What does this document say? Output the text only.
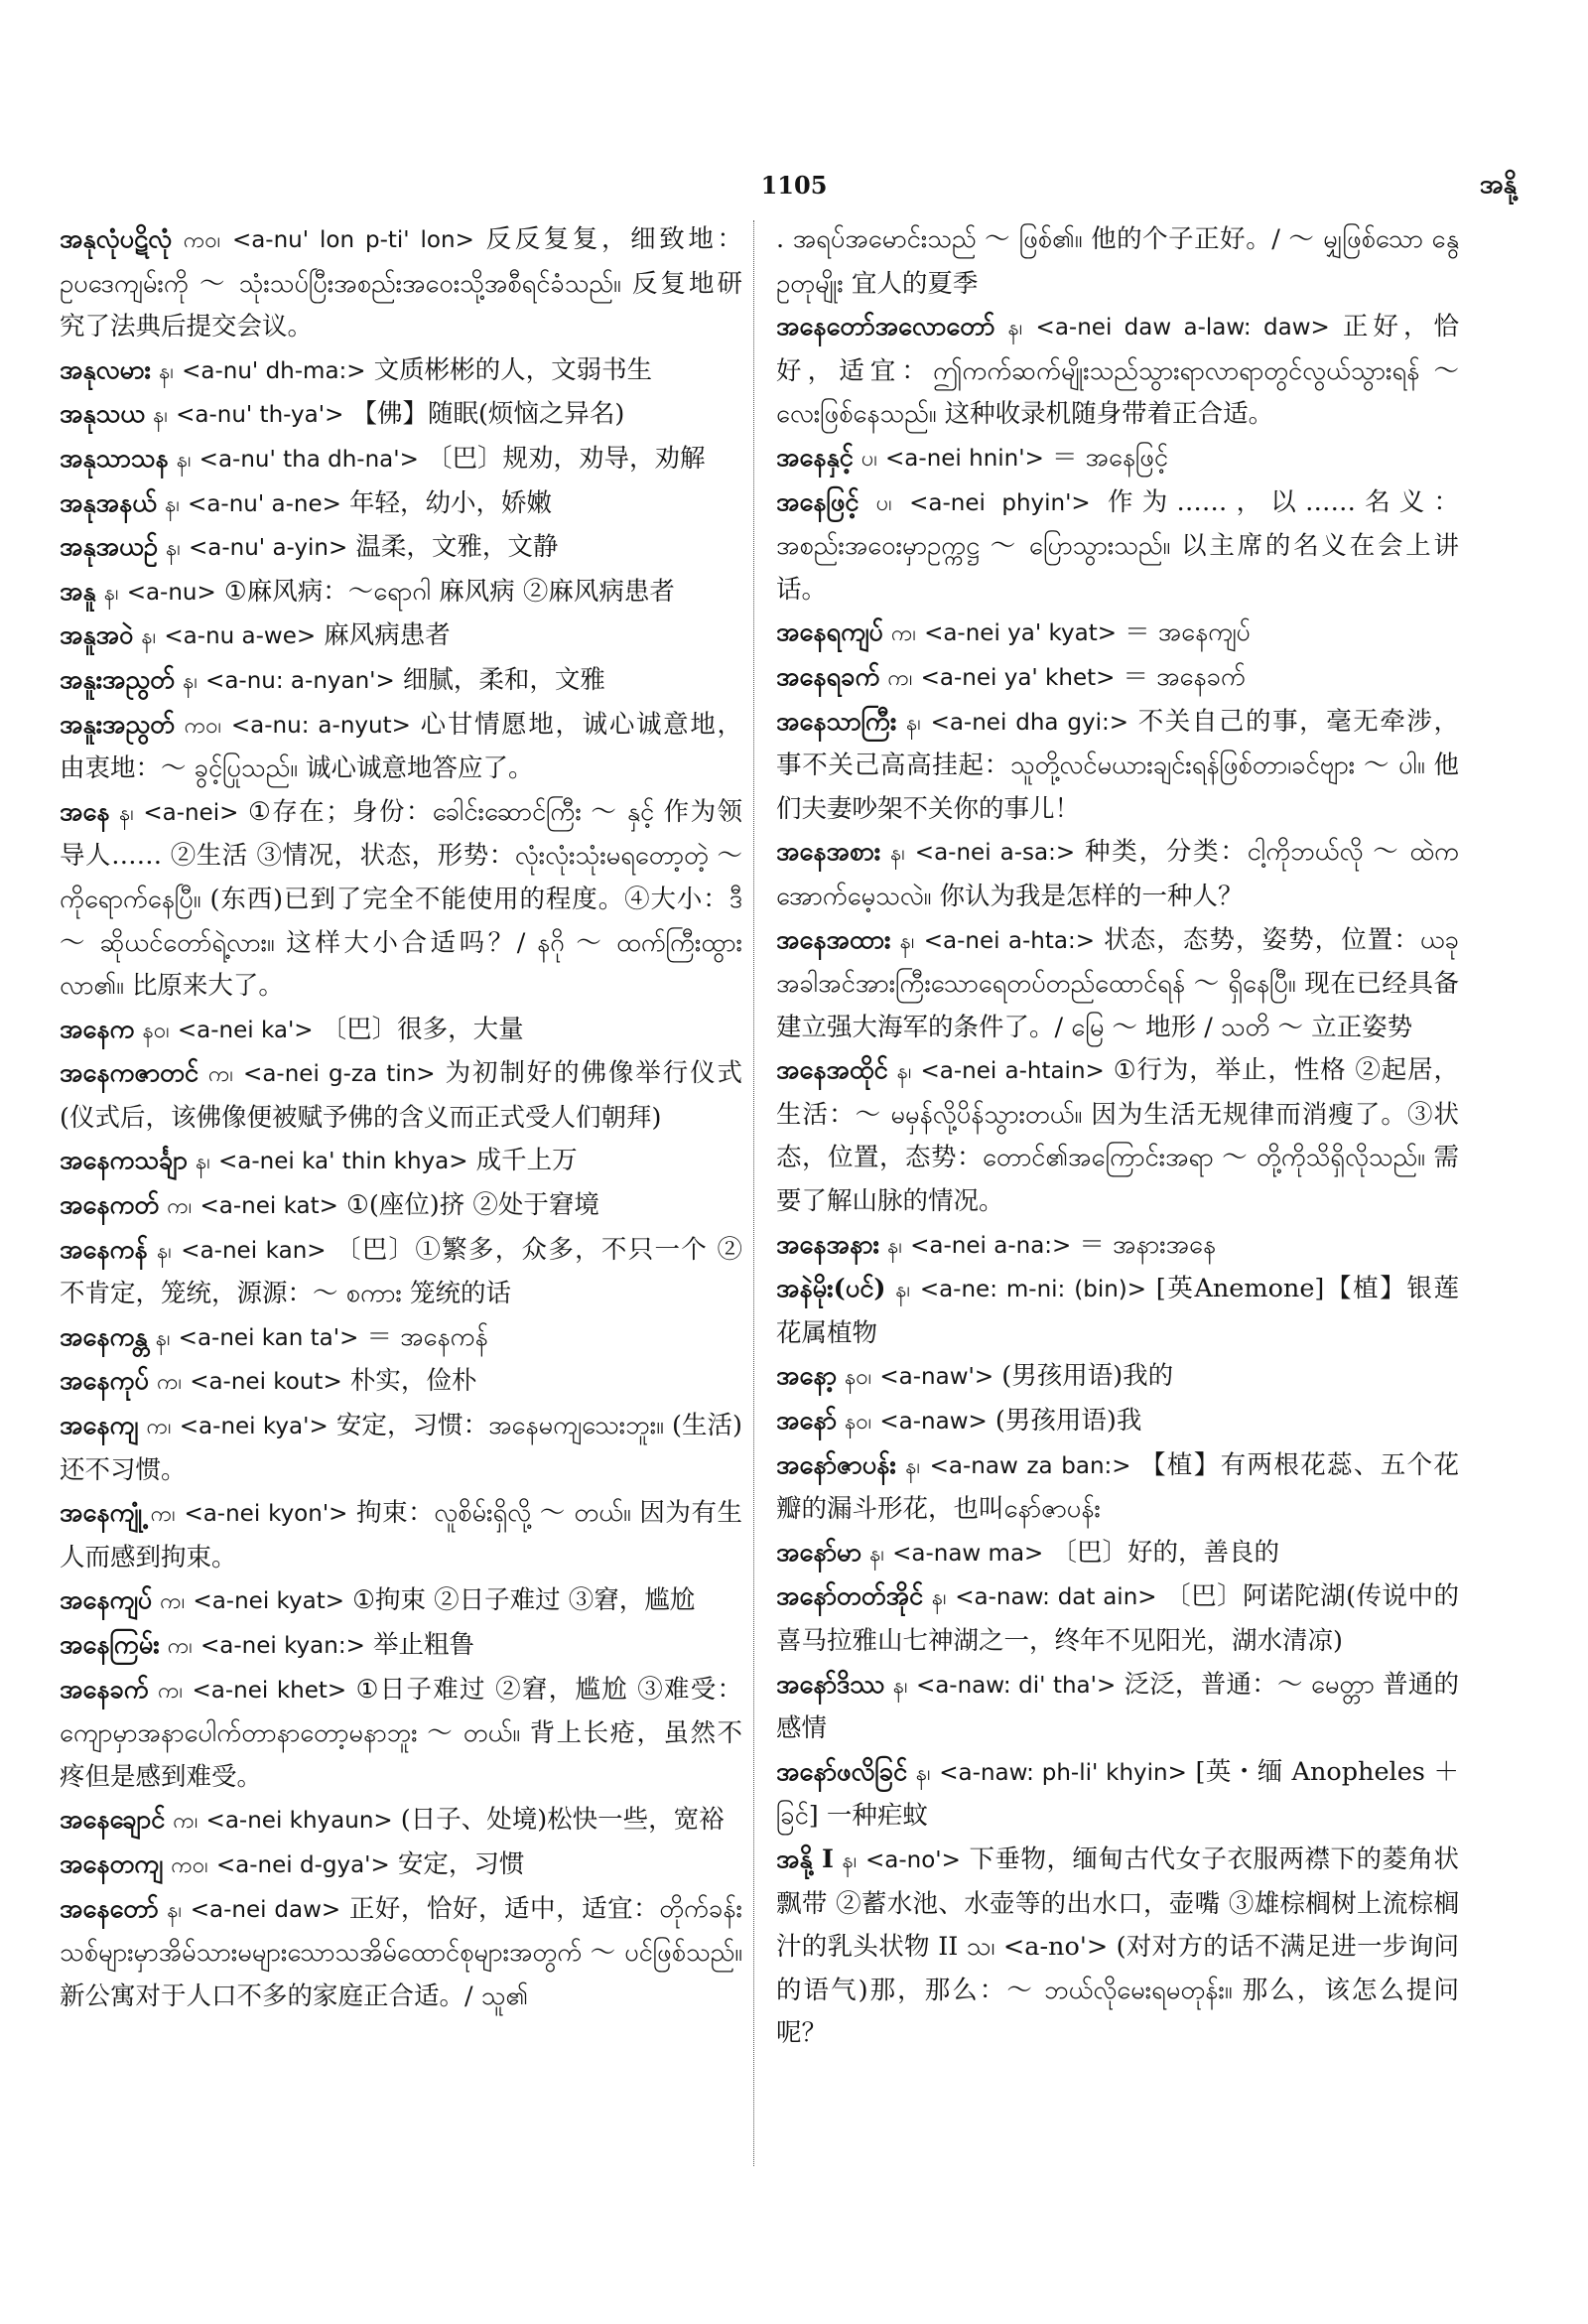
1105	အနို့

အနုလုံပဋိလုံ ကဝ၊ <a-nu' lon p-ti' lon> 反反复复，细致地：ဥပဒေကျမ်းကို ～ သုံးသပ်ပြီးအစည်းအဝေးသို့အစီရင်ခံသည်။ 反复地研究了法典后提交会议。

အနုလမား န၊ <a-nu' dh-ma:> 文质彬彬的人，文弱书生

အနုသယ န၊ <a-nu' th-ya'> 【佛】随眠(烦恼之异名)

အနုသာသန န၊ <a-nu' tha dh-na'> 〔巴〕规劝，劝导，劝解

အနုအနယ် န၊ <a-nu' a-ne> 年轻，幼小，娇嫩

အနုအယဉ် န၊ <a-nu' a-yin> 温柔，文雅，文静

အနူ န၊ <a-nu> ①麻风病：～ရောဂါ 麻风病 ②麻风病患者

အနူအဝဲ န၊ <a-nu a-we> 麻风病患者

အနူးအညွတ် န၊ <a-nu: a-nyan'> 细腻，柔和，文雅

အနူးအညွတ် ကဝ၊ <a-nu: a-nyut> 心甘情愿地，诚心诚意地，由衷地：～ ခွင့်ပြုသည်။ 诚心诚意地答应了。

အနေ န၊ <a-nei> ①存在；身份：ခေါင်းဆောင်ကြီး ～ နှင့် 作为领导人…… ②生活 ③情况，状态，形势：လုံးလုံးသုံးမရတော့တဲ့ ～ ကိုရောက်နေပြီ။ (东西)已到了完全不能使用的程度。④大小：ဒီ ～ ဆိုယင်တော်ရဲ့လား။ 这样大小合适吗？/ နဂို ～ ထက်ကြီးထွားလာ၏။ 比原来大了。

အနေက နဝ၊ <a-nei ka'> 〔巴〕很多，大量

အနေကဇာတင် က၊ <a-nei g-za tin> 为初制好的佛像举行仪式(仪式后，该佛像便被赋予佛的含义而正式受人们朝拜)

အနေကသင်္ချာ န၊ <a-nei ka' thin khya> 成千上万

အနေကတ် က၊ <a-nei kat> ①(座位)挤 ②处于窘境

အနေကန် န၊ <a-nei kan> 〔巴〕①繁多，众多，不只一个 ②不肯定，笼统，源源：～ စကား 笼统的话

အနေကန္တ န၊ <a-nei kan ta'> ＝ အနေကန်

အနေကုပ် က၊ <a-nei kout> 朴实，俭朴

အနေကျ က၊ <a-nei kya'> 安定，习惯：အနေမကျသေးဘူး။ (生活)还不习惯。

အနေကျုံ့ က၊ <a-nei kyon'> 拘束：လူစိမ်းရှိလို့ ～ တယ်။ 因为有生人而感到拘束。

အနေကျပ် က၊ <a-nei kyat> ①拘束 ②日子难过 ③窘，尴尬

အနေကြမ်း က၊ <a-nei kyan:> 举止粗鲁

အနေခက် က၊ <a-nei khet> ①日子难过 ②窘，尴尬 ③难受：ကျောမှာအနာပေါက်တာနာတော့မနာဘူး ～ တယ်။ 背上长疮，虽然不疼但是感到难受。

အနေချောင် က၊ <a-nei khyaun> (日子、处境)松快一些，宽裕

အနေတကျ ကဝ၊ <a-nei d-gya'> 安定，习惯

အနေတော် န၊ <a-nei daw> 正好，恰好，适中，适宜：တိုက်ခန်းသစ်များမှာအိမ်သားမများသောသအိမ်ထောင်စုများအတွက် ～ ပင်ဖြစ်သည်။ 新公寓对于人口不多的家庭正合适。/ သူ၏

. အရပ်အမောင်းသည် ～ ဖြစ်၏။ 他的个子正好。/ ～ မျှဖြစ်သော နွေဥတုမျိုး 宜人的夏季

အနေတော်အလောတော် န၊ <a-nei daw a-law: daw> 正好，恰好，适宜：ဤကက်ဆက်မျိုးသည်သွားရာလာရာတွင်လွယ်သွားရန် ～ လေးဖြစ်နေသည်။ 这种收录机随身带着正合适。

အနေနှင့် ပ၊ <a-nei hnin'> ＝ အနေဖြင့်

အနေဖြင့် ပ၊ <a-nei phyin'> 作为……，以……名义：အစည်းအဝေးမှာဥက္ကဋ္ဌ ～ ပြောသွားသည်။ 以主席的名义在会上讲话。

အနေရကျပ် က၊ <a-nei ya' kyat> ＝ အနေကျပ်

အနေရခက် က၊ <a-nei ya' khet> ＝ အနေခက်

အနေသာကြီး န၊ <a-nei dha gyi:> 不关自己的事，毫无牵涉，事不关己高高挂起：သူတို့လင်မယားချင်းရန်ဖြစ်တာ၊ခင်ဗျား ～ ပါ။ 他们夫妻吵架不关你的事儿！

အနေအစား န၊ <a-nei a-sa:> 种类，分类：ငါ့ကိုဘယ်လို ～ ထဲကအောက်မေ့သလဲ။ 你认为我是怎样的一种人？

အနေအထား န၊ <a-nei a-hta:> 状态，态势，姿势，位置：ယခုအခါအင်အားကြီးသောရေတပ်တည်ထောင်ရန် ～ ရှိနေပြီ။ 现在已经具备建立强大海军的条件了。/ မြေ ～ 地形 / သတိ ～ 立正姿势

အနေအထိုင် န၊ <a-nei a-htain> ①行为，举止，性格 ②起居，生活：～ မမှန်လို့ပိန်သွားတယ်။ 因为生活无规律而消瘦了。③状态，位置，态势：တောင်၏အကြောင်းအရာ ～ တို့ကိုသိရှိလိုသည်။ 需要了解山脉的情况。

အနေအနား န၊ <a-nei a-na:> ＝ အနားအနေ

အနဲမိုး(ပင်) န၊ <a-ne: m-ni: (bin)> [英Anemone]【植】银莲花属植物

အနော့ နဝ၊ <a-naw'> (男孩用语)我的

အနော် နဝ၊ <a-naw> (男孩用语)我

အနော်ဇာပန်း န၊ <a-naw za ban:> 【植】有两根花蕊、五个花瓣的漏斗形花，也叫နော်ဇာပန်း

အနော်မာ န၊ <a-naw ma> 〔巴〕好的，善良的

အနော်တတ်အိုင် န၊ <a-naw: dat ain> 〔巴〕阿诺陀湖(传说中的喜马拉雅山七神湖之一，终年不见阳光，湖水清凉)

အနော်ဒိဿ န၊ <a-naw: di' tha'> 泛泛，普通：～ မေတ္တာ 普通的感情

အနော်ဖလိခြင် န၊ <a-naw: ph-li' khyin> [英・缅 Anopheles ＋ခြင်] 一种疟蚊

အနို့ I န၊ <a-no'> 下垂物，缅甸古代女子衣服两襟下的菱角状飘带 ②蓄水池、水壶等的出水口，壶嘴 ③雄棕榈树上流棕榈汁的乳头状物 II သ၊ <a-no'> (对对方的话不满足进一步询问的语气)那，那么：～ ဘယ်လိုမေးရမတုန်း။ 那么，该怎么提问呢？
